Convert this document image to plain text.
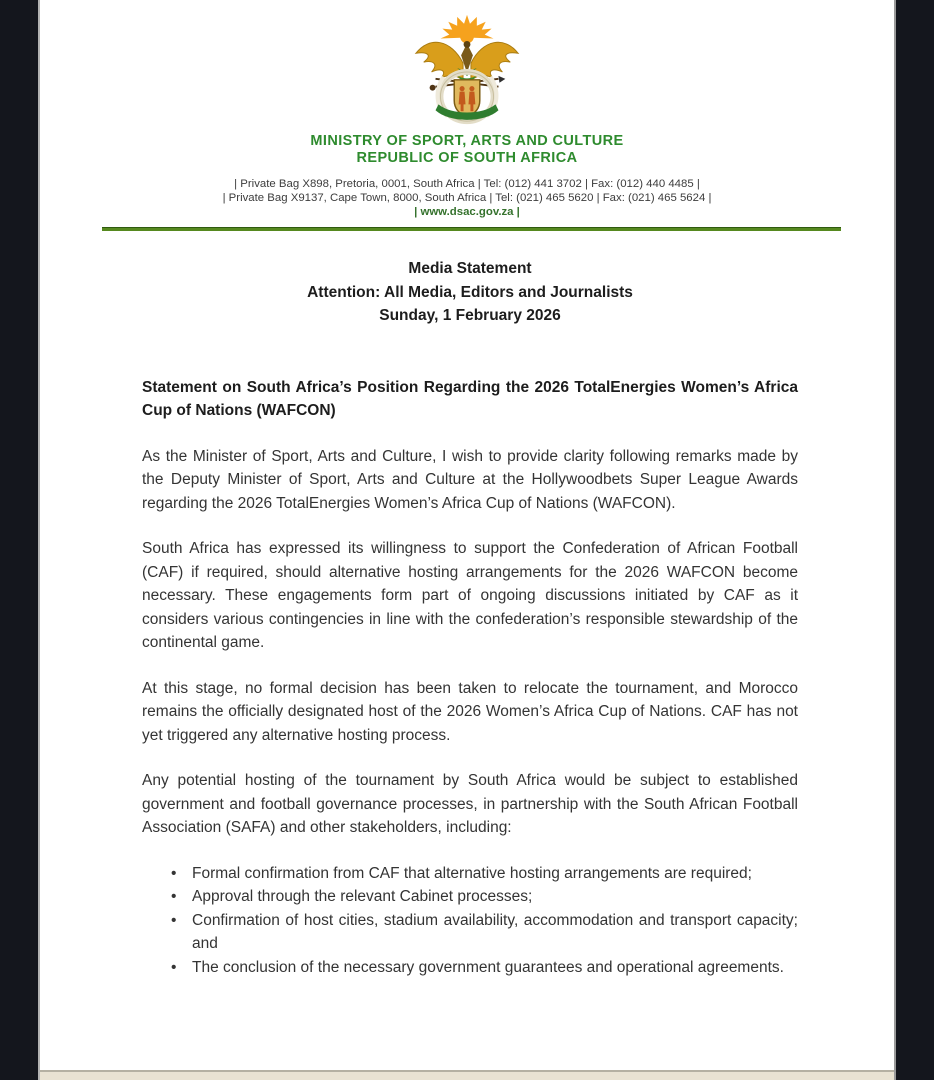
MINISTRY OF SPORT, ARTS AND CULTURE
REPUBLIC OF SOUTH AFRICA
| Private Bag X898, Pretoria, 0001, South Africa | Tel: (012) 441 3702 | Fax: (012) 440 4485 |
| Private Bag X9137, Cape Town, 8000, South Africa | Tel: (021) 465 5620 | Fax: (021) 465 5624 |
| www.dsac.gov.za |
Media Statement
Attention: All Media, Editors and Journalists
Sunday, 1 February 2026

Statement on South Africa’s Position Regarding the 2026 TotalEnergies Women’s Africa Cup of Nations (WAFCON)

As the Minister of Sport, Arts and Culture, I wish to provide clarity following remarks made by the Deputy Minister of Sport, Arts and Culture at the Hollywoodbets Super League Awards regarding the 2026 TotalEnergies Women’s Africa Cup of Nations (WAFCON).

South Africa has expressed its willingness to support the Confederation of African Football (CAF) if required, should alternative hosting arrangements for the 2026 WAFCON become necessary. These engagements form part of ongoing discussions initiated by CAF as it considers various contingencies in line with the confederation’s responsible stewardship of the continental game.

At this stage, no formal decision has been taken to relocate the tournament, and Morocco remains the officially designated host of the 2026 Women’s Africa Cup of Nations. CAF has not yet triggered any alternative hosting process.

Any potential hosting of the tournament by South Africa would be subject to established government and football governance processes, in partnership with the South African Football Association (SAFA) and other stakeholders, including:

• Formal confirmation from CAF that alternative hosting arrangements are required;
• Approval through the relevant Cabinet processes;
• Confirmation of host cities, stadium availability, accommodation and transport capacity; and
• The conclusion of the necessary government guarantees and operational agreements.
